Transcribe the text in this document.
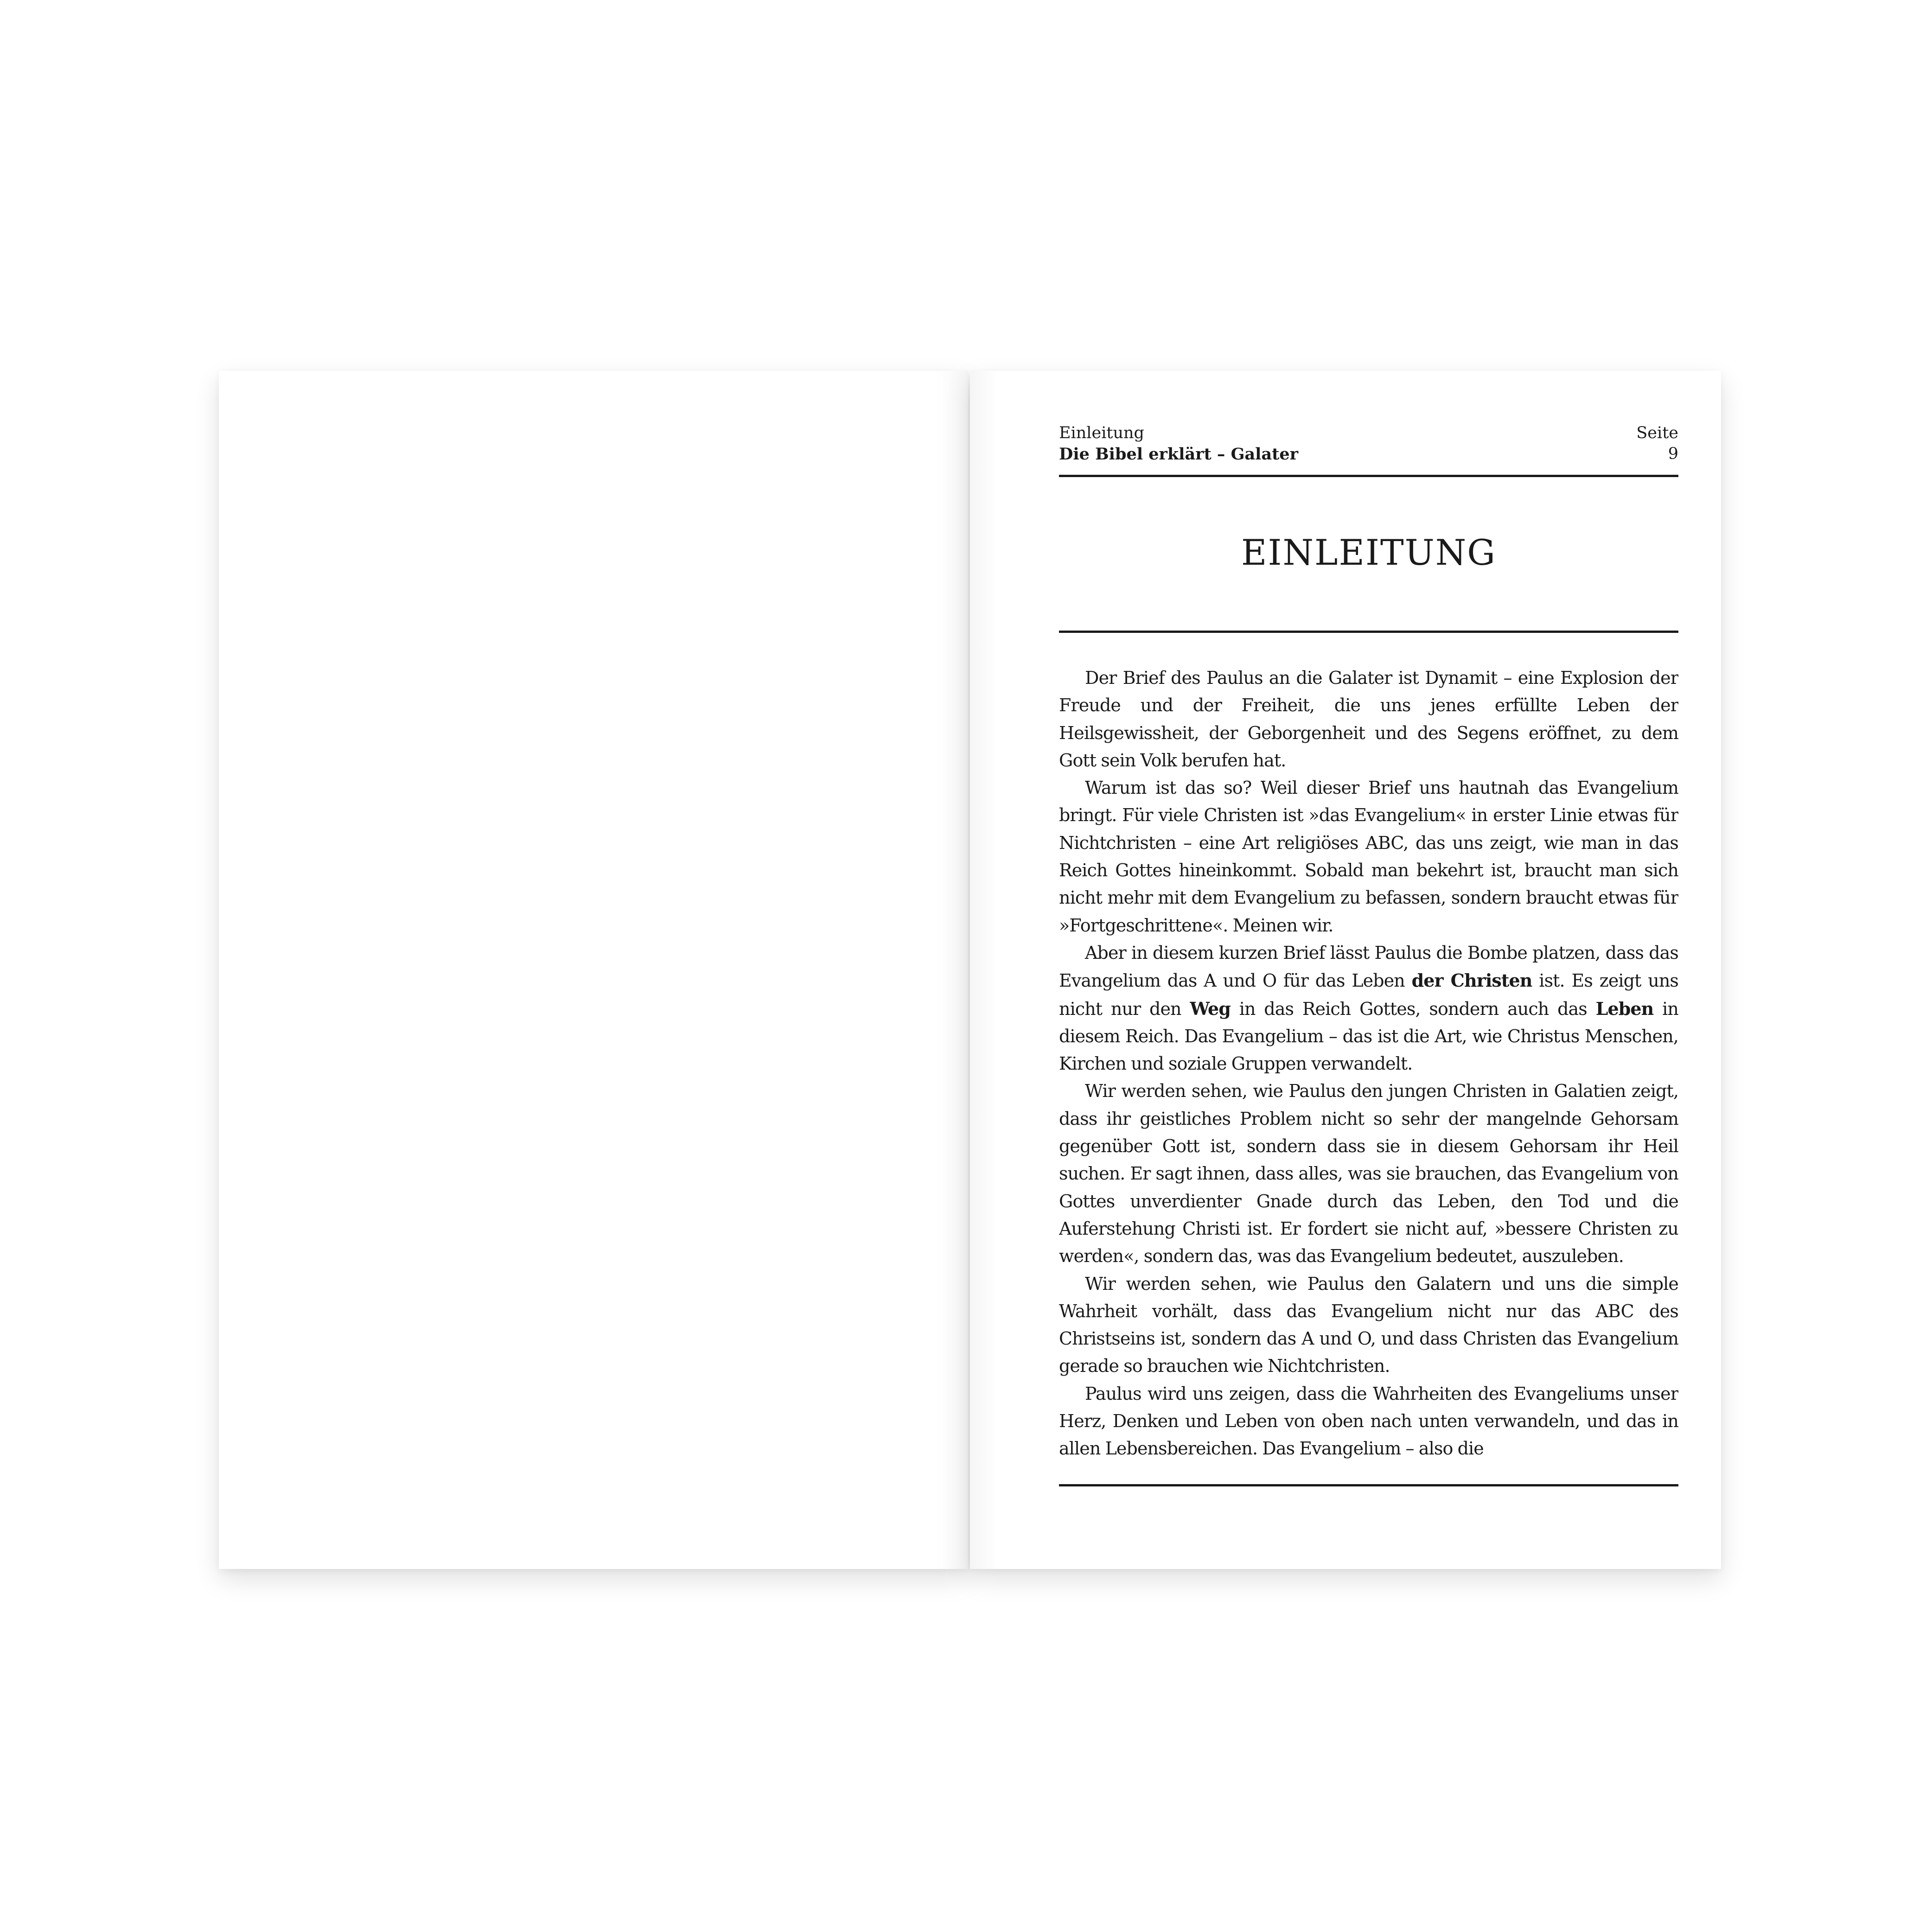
Einleitung
Die Bibel erklärt – Galater
Seite
9
EINLEITUNG

Der Brief des Paulus an die Galater ist Dynamit – eine Explosion der Freude und der Freiheit, die uns jenes erfüllte Leben der Heilsgewissheit, der Geborgenheit und des Segens eröffnet, zu dem Gott sein Volk berufen hat.

Warum ist das so? Weil dieser Brief uns hautnah das Evangelium bringt. Für viele Christen ist »das Evangelium« in erster Linie etwas für Nichtchristen – eine Art religiöses ABC, das uns zeigt, wie man in das Reich Gottes hineinkommt. Sobald man bekehrt ist, braucht man sich nicht mehr mit dem Evangelium zu befassen, sondern braucht etwas für »Fortgeschrittene«. Meinen wir.

Aber in diesem kurzen Brief lässt Paulus die Bombe platzen, dass das Evangelium das A und O für das Leben der Christen ist. Es zeigt uns nicht nur den Weg in das Reich Gottes, sondern auch das Leben in diesem Reich. Das Evangelium – das ist die Art, wie Christus Menschen, Kirchen und soziale Gruppen verwandelt.

Wir werden sehen, wie Paulus den jungen Christen in Galatien zeigt, dass ihr geistliches Problem nicht so sehr der mangelnde Gehorsam gegenüber Gott ist, sondern dass sie in diesem Gehorsam ihr Heil suchen. Er sagt ihnen, dass alles, was sie brauchen, das Evangelium von Gottes unverdienter Gnade durch das Leben, den Tod und die Auferstehung Christi ist. Er fordert sie nicht auf, »bessere Christen zu werden«, sondern das, was das Evangelium bedeutet, auszuleben.

Wir werden sehen, wie Paulus den Galatern und uns die simple Wahrheit vorhält, dass das Evangelium nicht nur das ABC des Christseins ist, sondern das A und O, und dass Christen das Evangelium gerade so brauchen wie Nichtchristen.

Paulus wird uns zeigen, dass die Wahrheiten des Evangeliums unser Herz, Denken und Leben von oben nach unten verwandeln, und das in allen Lebensbereichen. Das Evangelium – also die
